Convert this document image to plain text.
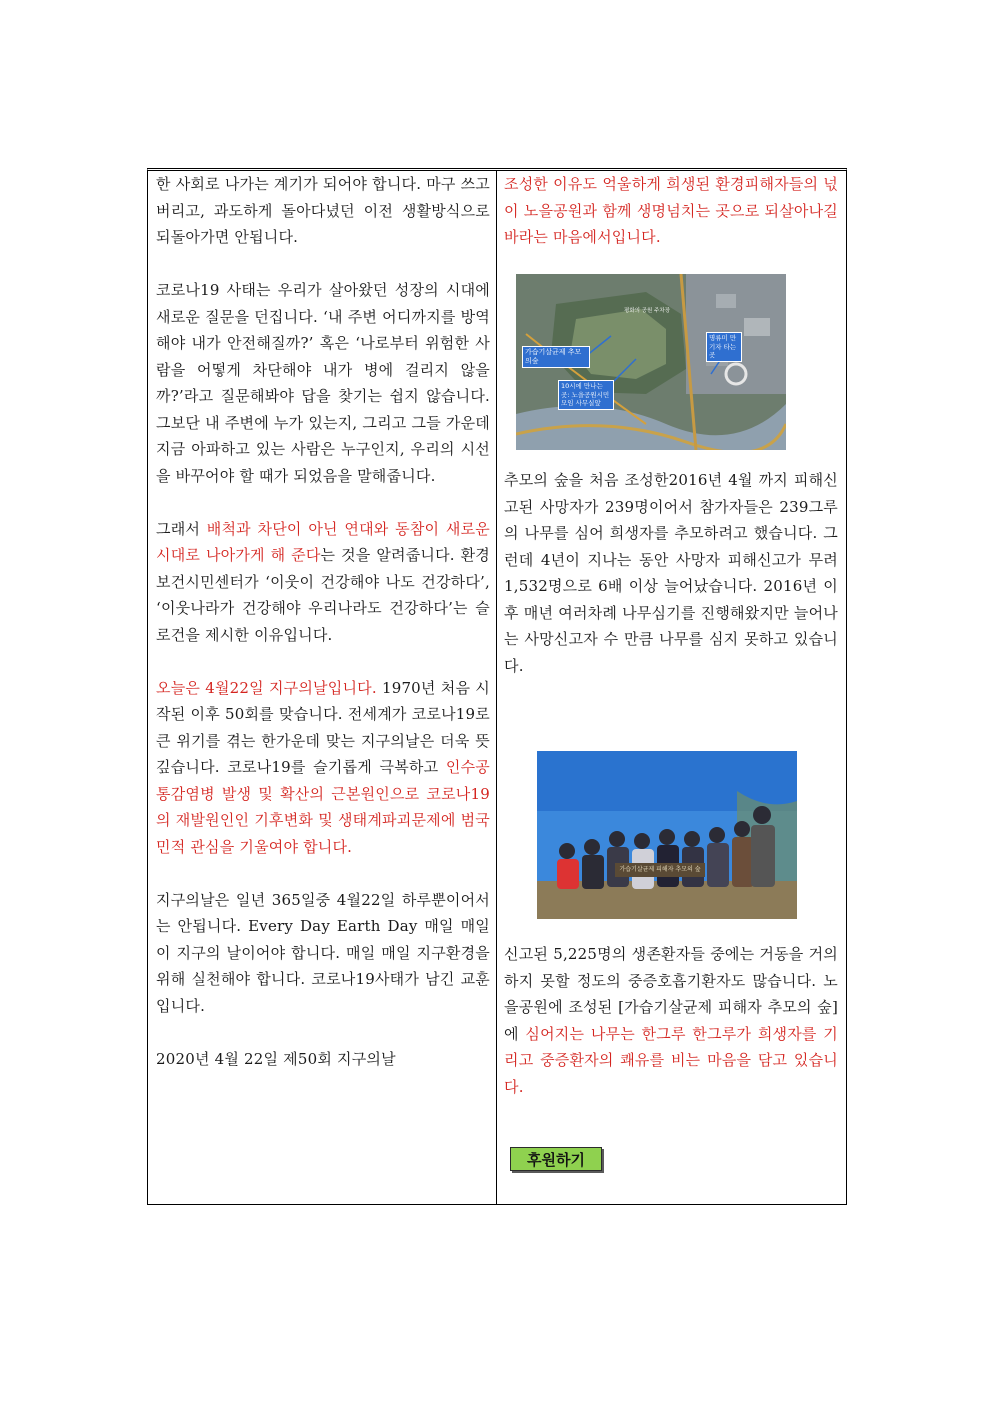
한 사회로 나가는 계기가 되어야 합니다. 마구 쓰고 버리고, 과도하게 돌아다녔던 이전 생활방식으로 되돌아가면 안됩니다.

코로나19 사태는 우리가 살아왔던 성장의 시대에 새로운 질문을 던집니다. ‘내 주변 어디까지를 방역해야 내가 안전해질까?’ 혹은 ‘나로부터 위험한 사람을 어떻게 차단해야 내가 병에 걸리지 않을까?’라고 질문해봐야 답을 찾기는 쉽지 않습니다. 그보단 내 주변에 누가 있는지, 그리고 그들 가운데 지금 아파하고 있는 사람은 누구인지, 우리의 시선을 바꾸어야 할 때가 되었음을 말해줍니다.

그래서 배척과 차단이 아닌 연대와 동참이 새로운 시대로 나아가게 해 준다는 것을 알려줍니다. 환경보건시민센터가 ‘이웃이 건강해야 나도 건강하다’, ‘이웃나라가 건강해야 우리나라도 건강하다’는 슬로건을 제시한 이유입니다.

오늘은 4월22일 지구의날입니다. 1970년 처음 시작된 이후 50회를 맞습니다. 전세계가 코로나19로 큰 위기를 겪는 한가운데 맞는 지구의날은 더욱 뜻 깊습니다. 코로나19를 슬기롭게 극복하고 인수공통감염병 발생 및 확산의 근본원인으로 코로나19의 재발원인인 기후변화 및 생태계파괴문제에 범국민적 관심을 기울여야 합니다.

지구의날은 일년 365일중 4월22일 하루뿐이어서는 안됩니다. Every Day Earth Day 매일 매일이 지구의 날이어야 합니다. 매일 매일 지구환경을 위해 실천해야 합니다. 코로나19사태가 남긴 교훈입니다.

2020년 4월 22일 제50회 지구의날

조성한 이유도 억울하게 희생된 환경피해자들의 넋이 노을공원과 함께 생명넘치는 곳으로 되살아나길 바라는 마음에서입니다.

가습기살균제 추모의숲
10시에 만나는곳: 노을공원시민모임 사무실앞
평화의 공원 주차장
명류미 만기자 타는곳

추모의 숲을 처음 조성한2016년 4월 까지 피해신고된 사망자가 239명이어서 참가자들은 239그루의 나무를 심어 희생자를 추모하려고 했습니다. 그런데 4년이 지나는 동안 사망자 피해신고가 무려1,532명으로 6배 이상 늘어났습니다. 2016년 이후 매년 여러차례 나무심기를 진행해왔지만 늘어나는 사망신고자 수 만큼 나무를 심지 못하고 있습니다.

가습기살균제 피해자 추모의 숲

신고된 5,225명의 생존환자들 중에는 거동을 거의 하지 못할 정도의 중증호흡기환자도 많습니다. 노을공원에 조성된 [가습기살균제 피해자 추모의 숲]에 심어지는 나무는 한그루 한그루가 희생자를 기리고 중증환자의 쾌유를 비는 마음을 담고 있습니다.

후원하기
